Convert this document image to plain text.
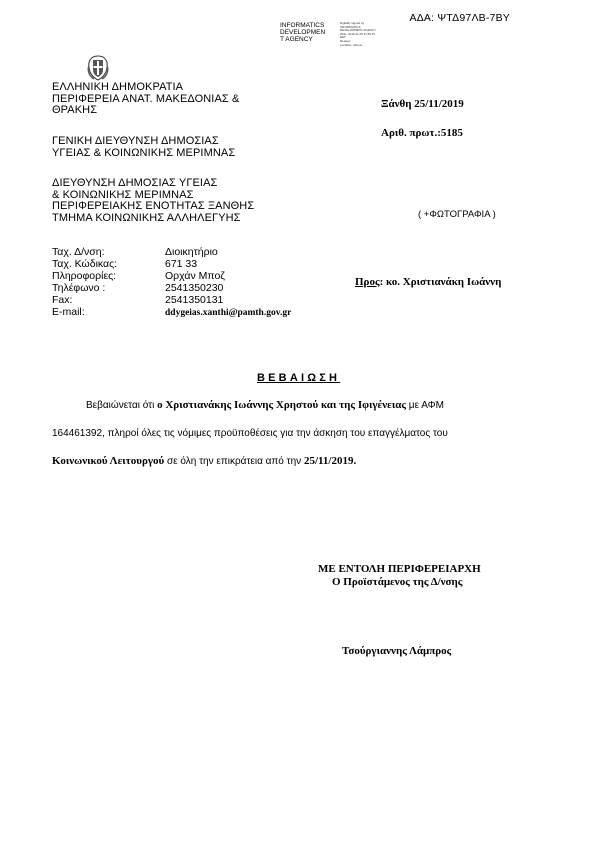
ΑΔΑ: ΨΤΔ97ΛΒ-7ΒΥ
INFORMATICS
DEVELOPMEN
T AGENCY
Digitally signed by
INFORMATICS
DEVELOPMENT AGENCY
Date: 2019.11.25 11:59:15
EET
Reason:
Location: Athens
ΕΛΛΗΝΙΚΗ ΔΗΜΟΚΡΑΤΙΑ
ΠΕΡΙΦΕΡΕΙΑ ΑΝΑΤ. ΜΑΚΕΔΟΝΙΑΣ &
ΘΡΑΚΗΣ
ΓΕΝΙΚΗ ΔΙΕΥΘΥΝΣΗ ΔΗΜΟΣΙΑΣ
ΥΓΕΙΑΣ & ΚΟΙΝΩΝΙΚΗΣ ΜΕΡΙΜΝΑΣ
ΔΙΕΥΘΥΝΣΗ ΔΗΜΟΣΙΑΣ ΥΓΕΙΑΣ
& ΚΟΙΝΩΝΙΚΗΣ ΜΕΡΙΜΝΑΣ
ΠΕΡΙΦΕΡΕΙΑΚΗΣ ΕΝΟΤΗΤΑΣ ΞΑΝΘΗΣ
ΤΜΗΜΑ ΚΟΙΝΩΝΙΚΗΣ ΑΛΛΗΛΕΓΥΗΣ
Ξάνθη 25/11/2019
Αριθ. πρωτ.:5185
( +ΦΩΤΟΓΡΑΦΙΑ )
Ταχ. Δ/νση:	Διοικητήριο
Ταχ. Κώδικας:	671 33
Πληροφορίες:	Ορχάν Μποζ
Τηλέφωνο :	2541350230
Fax:	2541350131
E-mail:	ddygeias.xanthi@pamth.gov.gr
Προς: κο. Χριστιανάκη Ιωάννη
ΒΕΒΑΙΩΣΗ
Βεβαιώνεται ότι ο Χριστιανάκης Ιωάννης Χρηστού και της Ιφιγένειας με ΑΦΜ
164461392, πληροί όλες τις νόμιμες προϋποθέσεις για την άσκηση του επαγγέλματος του
Κοινωνικού Λειτουργού σε όλη την επικράτεια από την 25/11/2019.
ΜΕ ΕΝΤΟΛΗ ΠΕΡΙΦΕΡΕΙΑΡΧΗ
Ο Προϊστάμενος της Δ/νσης
Τσούργιαννης Λάμπρος
